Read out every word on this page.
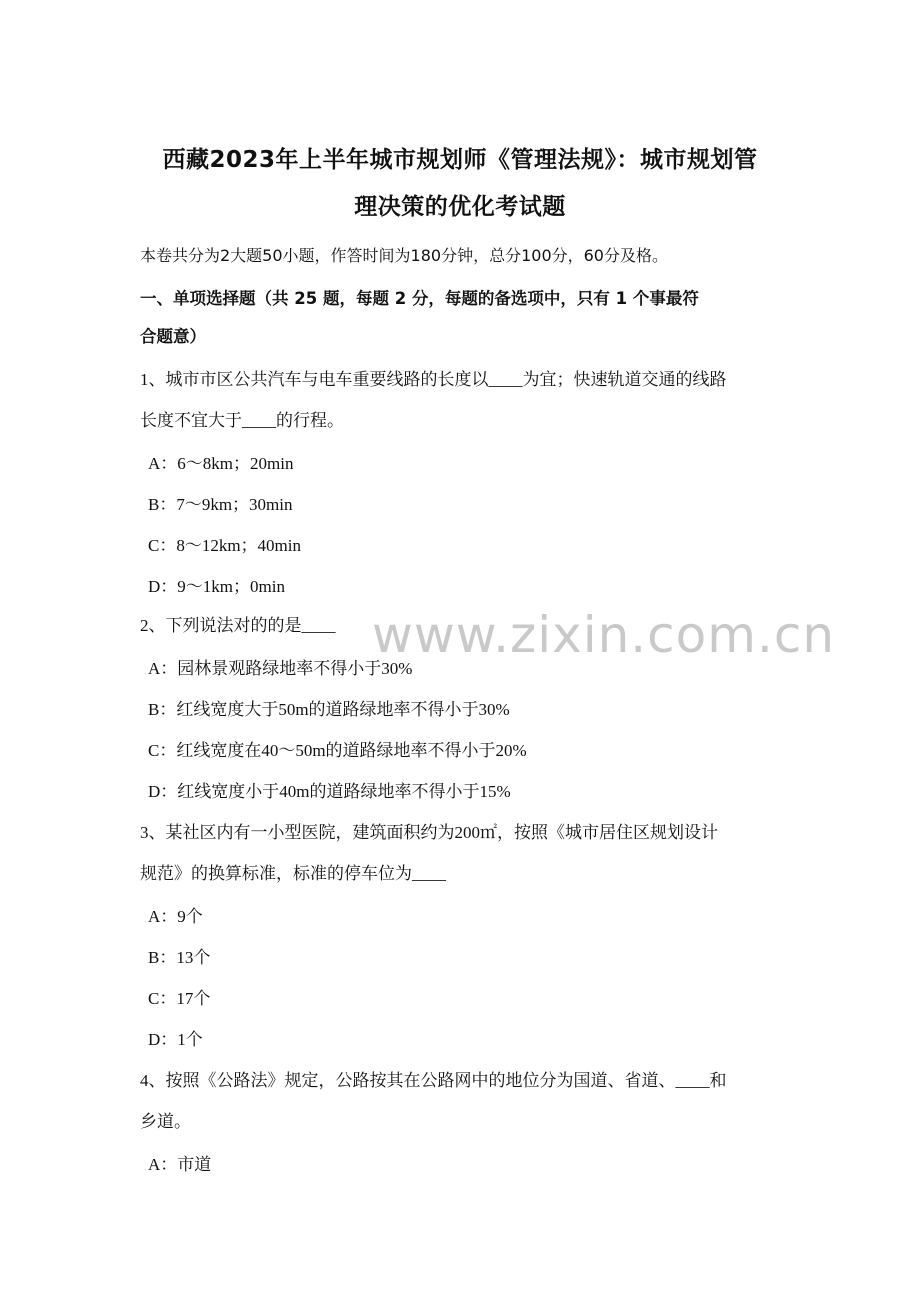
西藏2023年上半年城市规划师《管理法规》：城市规划管
理决策的优化考试题
本卷共分为2大题50小题，作答时间为180分钟，总分100分，60分及格。
一、单项选择题（共 25 题，每题 2 分，每题的备选项中，只有 1 个事最符
合题意）
1、城市市区公共汽车与电车重要线路的长度以____为宜；快速轨道交通的线路
长度不宜大于____的行程。
A：6～8km；20min
B：7～9km；30min
C：8～12km；40min
D：9～1km；0min
2、下列说法对的的是____
A：园林景观路绿地率不得小于30%
B：红线宽度大于50m的道路绿地率不得小于30%
C：红线宽度在40～50m的道路绿地率不得小于20%
D：红线宽度小于40m的道路绿地率不得小于15%
3、某社区内有一小型医院，建筑面积约为200㎡，按照《城市居住区规划设计
规范》的换算标准，标准的停车位为____
A：9个
B：13个
C：17个
D：1个
4、按照《公路法》规定，公路按其在公路网中的地位分为国道、省道、____和
乡道。
A：市道
www.zixin.com.cn
